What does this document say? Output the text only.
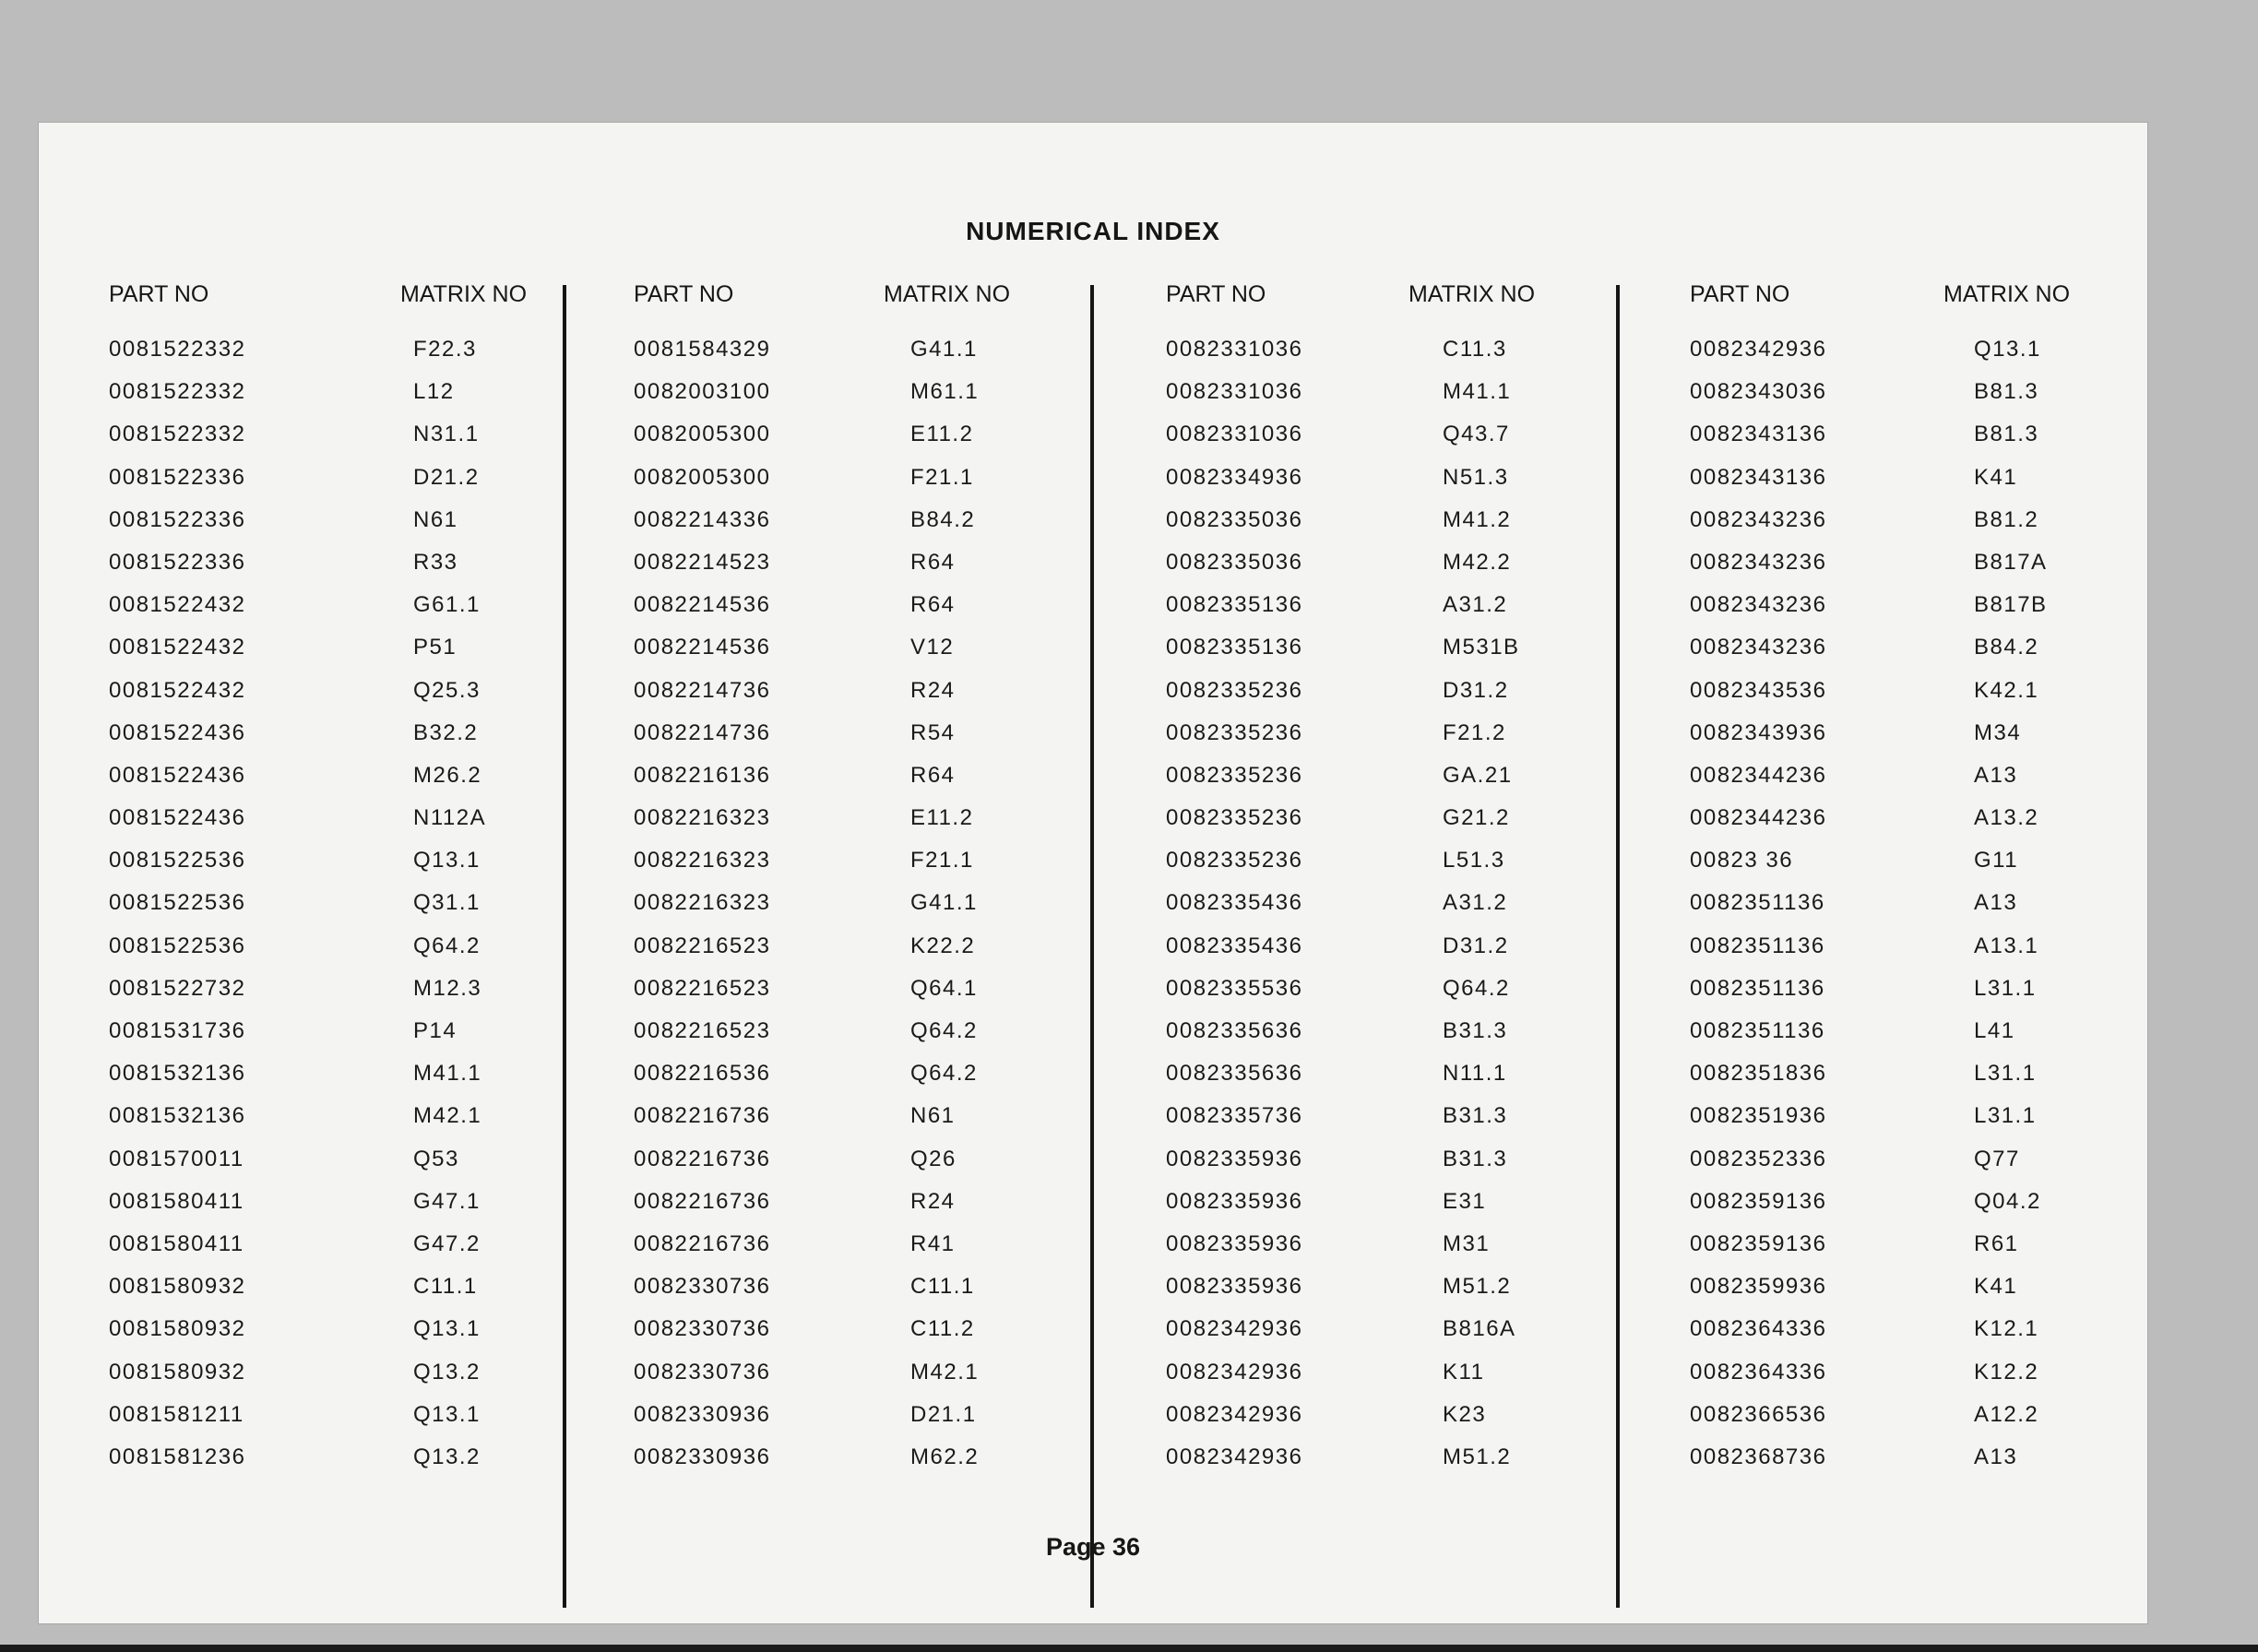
NUMERICAL INDEX
PART NO	MATRIX NO
0081522332	F22.3
0081522332	L12
0081522332	N31.1
0081522336	D21.2
0081522336	N61
0081522336	R33
0081522432	G61.1
0081522432	P51
0081522432	Q25.3
0081522436	B32.2
0081522436	M26.2
0081522436	N112A
0081522536	Q13.1
0081522536	Q31.1
0081522536	Q64.2
0081522732	M12.3
0081531736	P14
0081532136	M41.1
0081532136	M42.1
0081570011	Q53
0081580411	G47.1
0081580411	G47.2
0081580932	C11.1
0081580932	Q13.1
0081580932	Q13.2
0081581211	Q13.1
0081581236	Q13.2
PART NO	MATRIX NO
0081584329	G41.1
0082003100	M61.1
0082005300	E11.2
0082005300	F21.1
0082214336	B84.2
0082214523	R64
0082214536	R64
0082214536	V12
0082214736	R24
0082214736	R54
0082216136	R64
0082216323	E11.2
0082216323	F21.1
0082216323	G41.1
0082216523	K22.2
0082216523	Q64.1
0082216523	Q64.2
0082216536	Q64.2
0082216736	N61
0082216736	Q26
0082216736	R24
0082216736	R41
0082330736	C11.1
0082330736	C11.2
0082330736	M42.1
0082330936	D21.1
0082330936	M62.2
PART NO	MATRIX NO
0082331036	C11.3
0082331036	M41.1
0082331036	Q43.7
0082334936	N51.3
0082335036	M41.2
0082335036	M42.2
0082335136	A31.2
0082335136	M531B
0082335236	D31.2
0082335236	F21.2
0082335236	GA.21
0082335236	G21.2
0082335236	L51.3
0082335436	A31.2
0082335436	D31.2
0082335536	Q64.2
0082335636	B31.3
0082335636	N11.1
0082335736	B31.3
0082335936	B31.3
0082335936	E31
0082335936	M31
0082335936	M51.2
0082342936	B816A
0082342936	K11
0082342936	K23
0082342936	M51.2
PART NO	MATRIX NO
0082342936	Q13.1
0082343036	B81.3
0082343136	B81.3
0082343136	K41
0082343236	B81.2
0082343236	B817A
0082343236	B817B
0082343236	B84.2
0082343536	K42.1
0082343936	M34
0082344236	A13
0082344236	A13.2
00823 36	G11
0082351136	A13
0082351136	A13.1
0082351136	L31.1
0082351136	L41
0082351836	L31.1
0082351936	L31.1
0082352336	Q77
0082359136	Q04.2
0082359136	R61
0082359936	K41
0082364336	K12.1
0082364336	K12.2
0082366536	A12.2
0082368736	A13
Page 36
